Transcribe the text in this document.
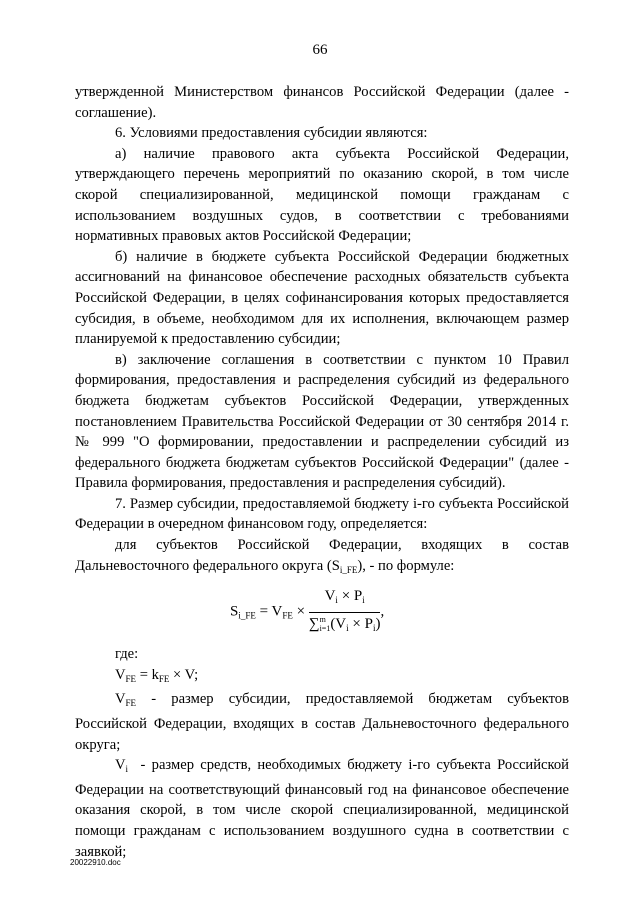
66

утвержденной Министерством финансов Российской Федерации (далее - соглашение).

6. Условиями предоставления субсидии являются:

а) наличие правового акта субъекта Российской Федерации, утверждающего перечень мероприятий по оказанию скорой, в том числе скорой специализированной, медицинской помощи гражданам с использованием воздушных судов, в соответствии с требованиями нормативных правовых актов Российской Федерации;

б) наличие в бюджете субъекта Российской Федерации бюджетных ассигнований на финансовое обеспечение расходных обязательств субъекта Российской Федерации, в целях софинансирования которых предоставляется субсидия, в объеме, необходимом для их исполнения, включающем размер планируемой к предоставлению субсидии;

в) заключение соглашения в соответствии с пунктом 10 Правил формирования, предоставления и распределения субсидий из федерального бюджета бюджетам субъектов Российской Федерации, утвержденных постановлением Правительства Российской Федерации от 30 сентября 2014 г. № 999 "О формировании, предоставлении и распределении субсидий из федерального бюджета бюджетам субъектов Российской Федерации" (далее - Правила формирования, предоставления и распределения субсидий).

7. Размер субсидии, предоставляемой бюджету i-го субъекта Российской Федерации в очередном финансовом году, определяется:

для субъектов Российской Федерации, входящих в состав Дальневосточного федерального округа $(S_{i\_FE})$, - по формуле:

$S_{i\_FE} = V_{FE}$ ×
$V_i \times P_i$
∑m
$i=1(V_i \times P_i)$
,

где:

$V_{FE} = k_{FE} \times V$;

$V_{FE}$ - размер субсидии, предоставляемой бюджетам субъектов Российской Федерации, входящих в состав Дальневосточного федерального округа;

$V_i$ - размер средств, необходимых бюджету i-го субъекта Российской Федерации на соответствующий финансовый год на финансовое обеспечение оказания скорой, в том числе скорой специализированной, медицинской помощи гражданам с использованием воздушного судна в соответствии с заявкой;

20022910.doc
